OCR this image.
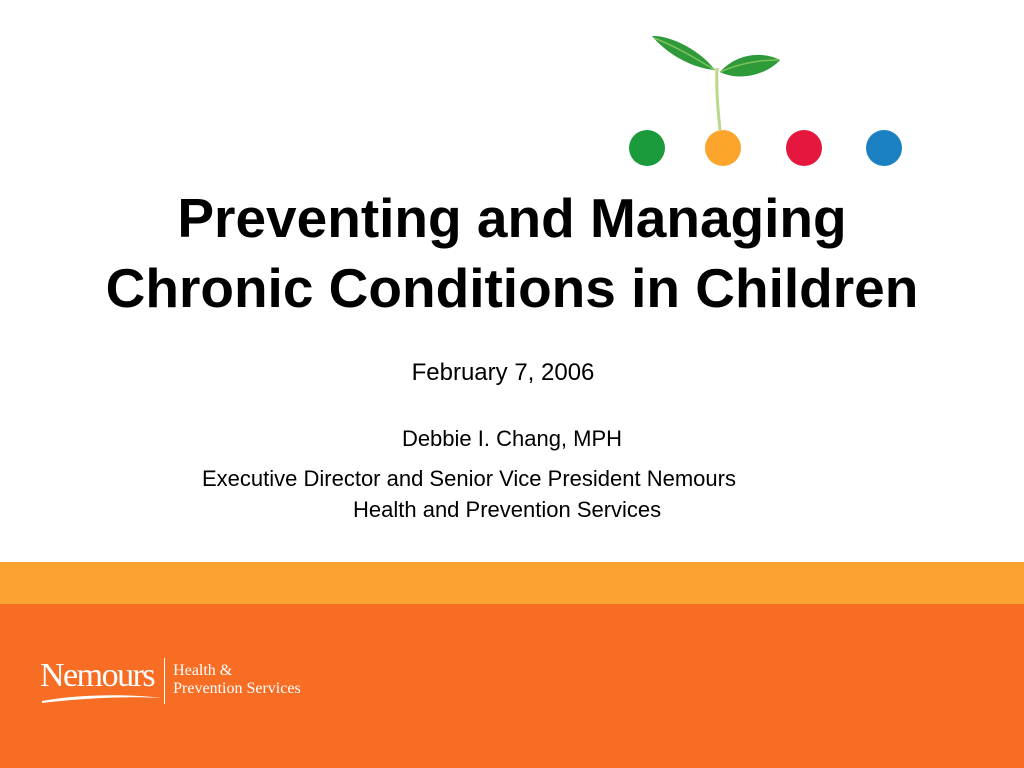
Preventing and Managing
Chronic Conditions in Children
February 7, 2006
Debbie I. Chang, MPH
Executive Director and Senior Vice President Nemours
Health and Prevention Services
Nemours Health &
Prevention Services
